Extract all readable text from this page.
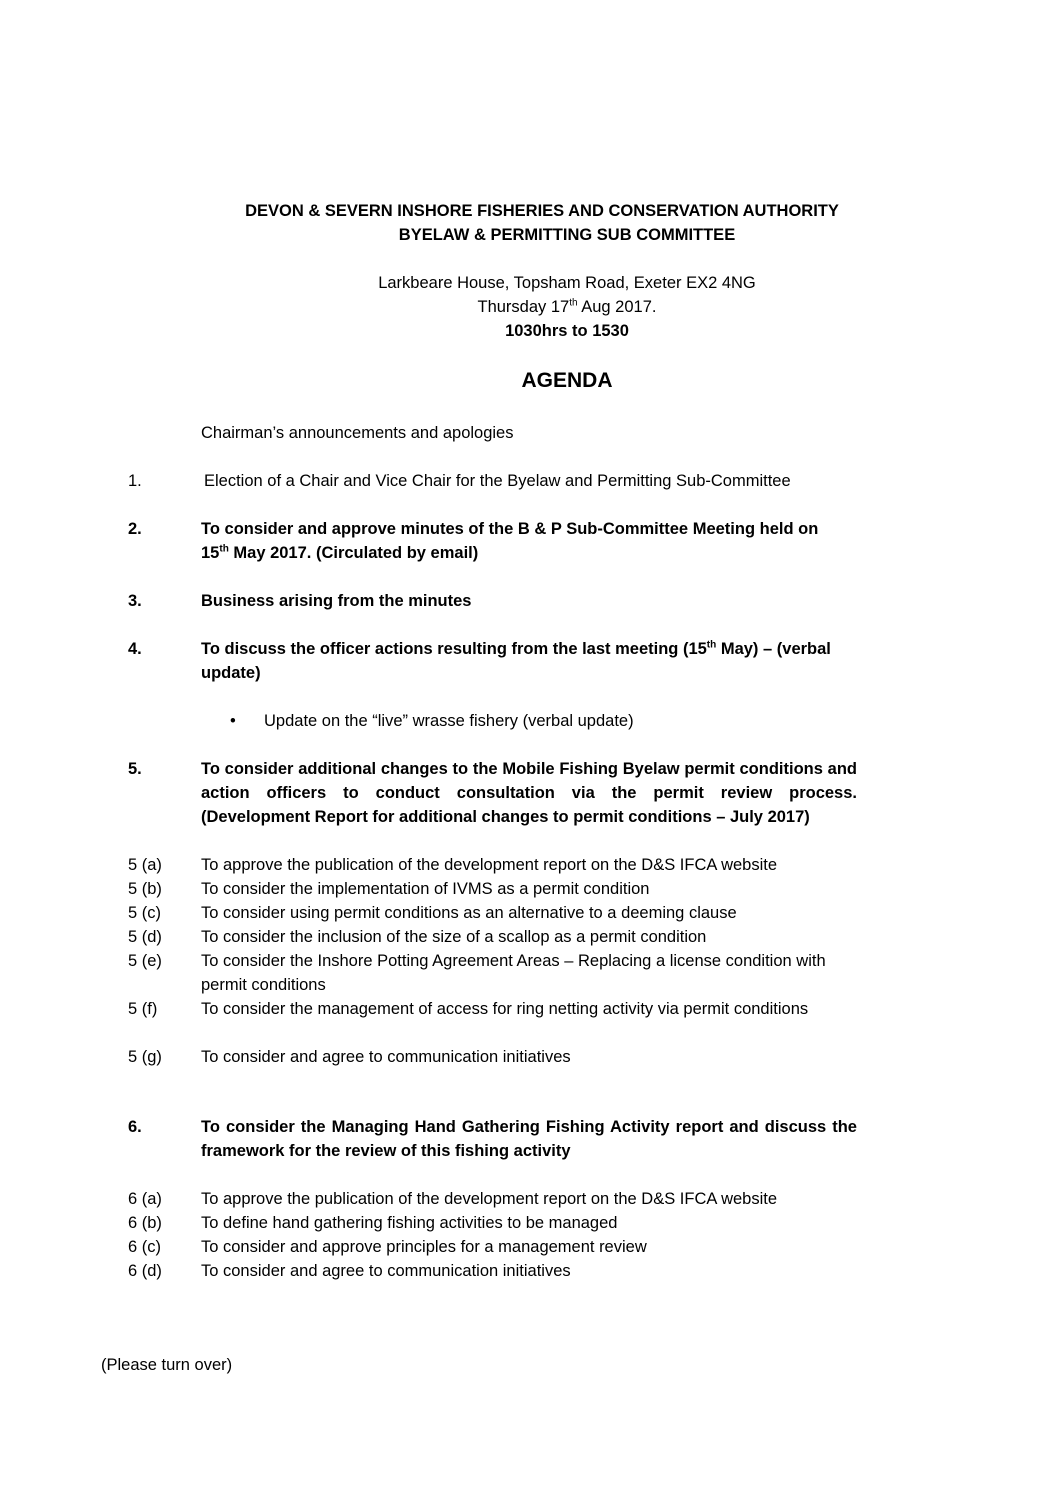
DEVON & SEVERN INSHORE FISHERIES AND CONSERVATION AUTHORITY
BYELAW & PERMITTING SUB COMMITTEE
Larkbeare House, Topsham Road, Exeter EX2 4NG
Thursday 17th Aug 2017.
1030hrs to 1530
AGENDA
Chairman’s announcements and apologies
1.	Election of a Chair and Vice Chair for the Byelaw and Permitting Sub-Committee
2.	To consider and approve minutes of the B & P Sub-Committee Meeting held on
15th May 2017. (Circulated by email)
3.	Business arising from the minutes
4.	To discuss the officer actions resulting from the last meeting (15th May) – (verbal
update)
• Update on the “live” wrasse fishery (verbal update)
5.	To consider additional changes to the Mobile Fishing Byelaw permit conditions and action officers to conduct consultation via the permit review process. (Development Report for additional changes to permit conditions – July 2017)
5 (a) To approve the publication of the development report on the D&S IFCA website
5 (b) To consider the implementation of IVMS as a permit condition
5 (c) To consider using permit conditions as an alternative to a deeming clause
5 (d) To consider the inclusion of the size of a scallop as a permit condition
5 (e) To consider the Inshore Potting Agreement Areas – Replacing a license condition with permit conditions
5 (f)	To consider the management of access for ring netting activity via permit conditions
5 (g) To consider and agree to communication initiatives
6.	To consider the Managing Hand Gathering Fishing Activity report and discuss the framework for the review of this fishing activity
6 (a) To approve the publication of the development report on the D&S IFCA website
6 (b) To define hand gathering fishing activities to be managed
6 (c) To consider and approve principles for a management review
6 (d) To consider and agree to communication initiatives
(Please turn over)
